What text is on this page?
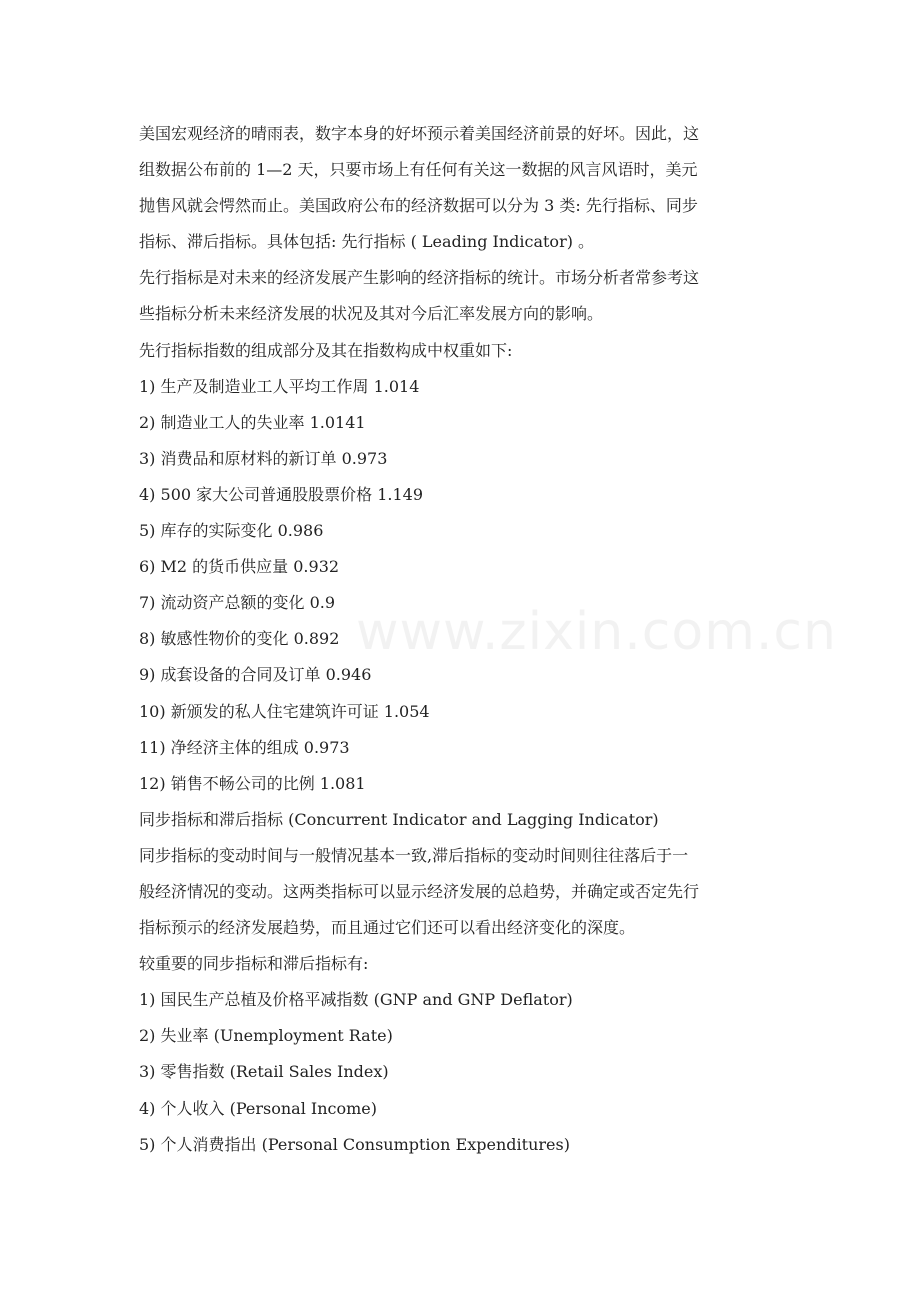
美国宏观经济的晴雨表，数字本身的好坏预示着美国经济前景的好坏。因此，这
组数据公布前的 1—2 天，只要市场上有任何有关这一数据的风言风语时，美元
抛售风就会愕然而止。美国政府公布的经济数据可以分为 3 类: 先行指标、同步
指标、滞后指标。具体包括: 先行指标 ( Leading Indicator) 。
先行指标是对未来的经济发展产生影响的经济指标的统计。市场分析者常参考这
些指标分析未来经济发展的状况及其对今后汇率发展方向的影响。
先行指标指数的组成部分及其在指数构成中权重如下:
1) 生产及制造业工人平均工作周 1.014
2) 制造业工人的失业率 1.0141
3) 消费品和原材料的新订单 0.973
4) 500 家大公司普通股股票价格 1.149
5) 库存的实际变化 0.986
6) M2 的货币供应量 0.932
7) 流动资产总额的变化 0.9
8) 敏感性物价的变化 0.892
9) 成套设备的合同及订单 0.946
10) 新颁发的私人住宅建筑许可证 1.054
11) 净经济主体的组成 0.973
12) 销售不畅公司的比例 1.081
同步指标和滞后指标 (Concurrent Indicator and Lagging Indicator)
同步指标的变动时间与一般情况基本一致,滞后指标的变动时间则往往落后于一
般经济情况的变动。这两类指标可以显示经济发展的总趋势，并确定或否定先行
指标预示的经济发展趋势，而且通过它们还可以看出经济变化的深度。
较重要的同步指标和滞后指标有:
1) 国民生产总植及价格平减指数 (GNP and GNP Deflator)
2) 失业率 (Unemployment Rate)
3) 零售指数 (Retail Sales Index)
4) 个人收入 (Personal Income)
5) 个人消费指出 (Personal Consumption Expenditures)
www.zixin.com.cn
